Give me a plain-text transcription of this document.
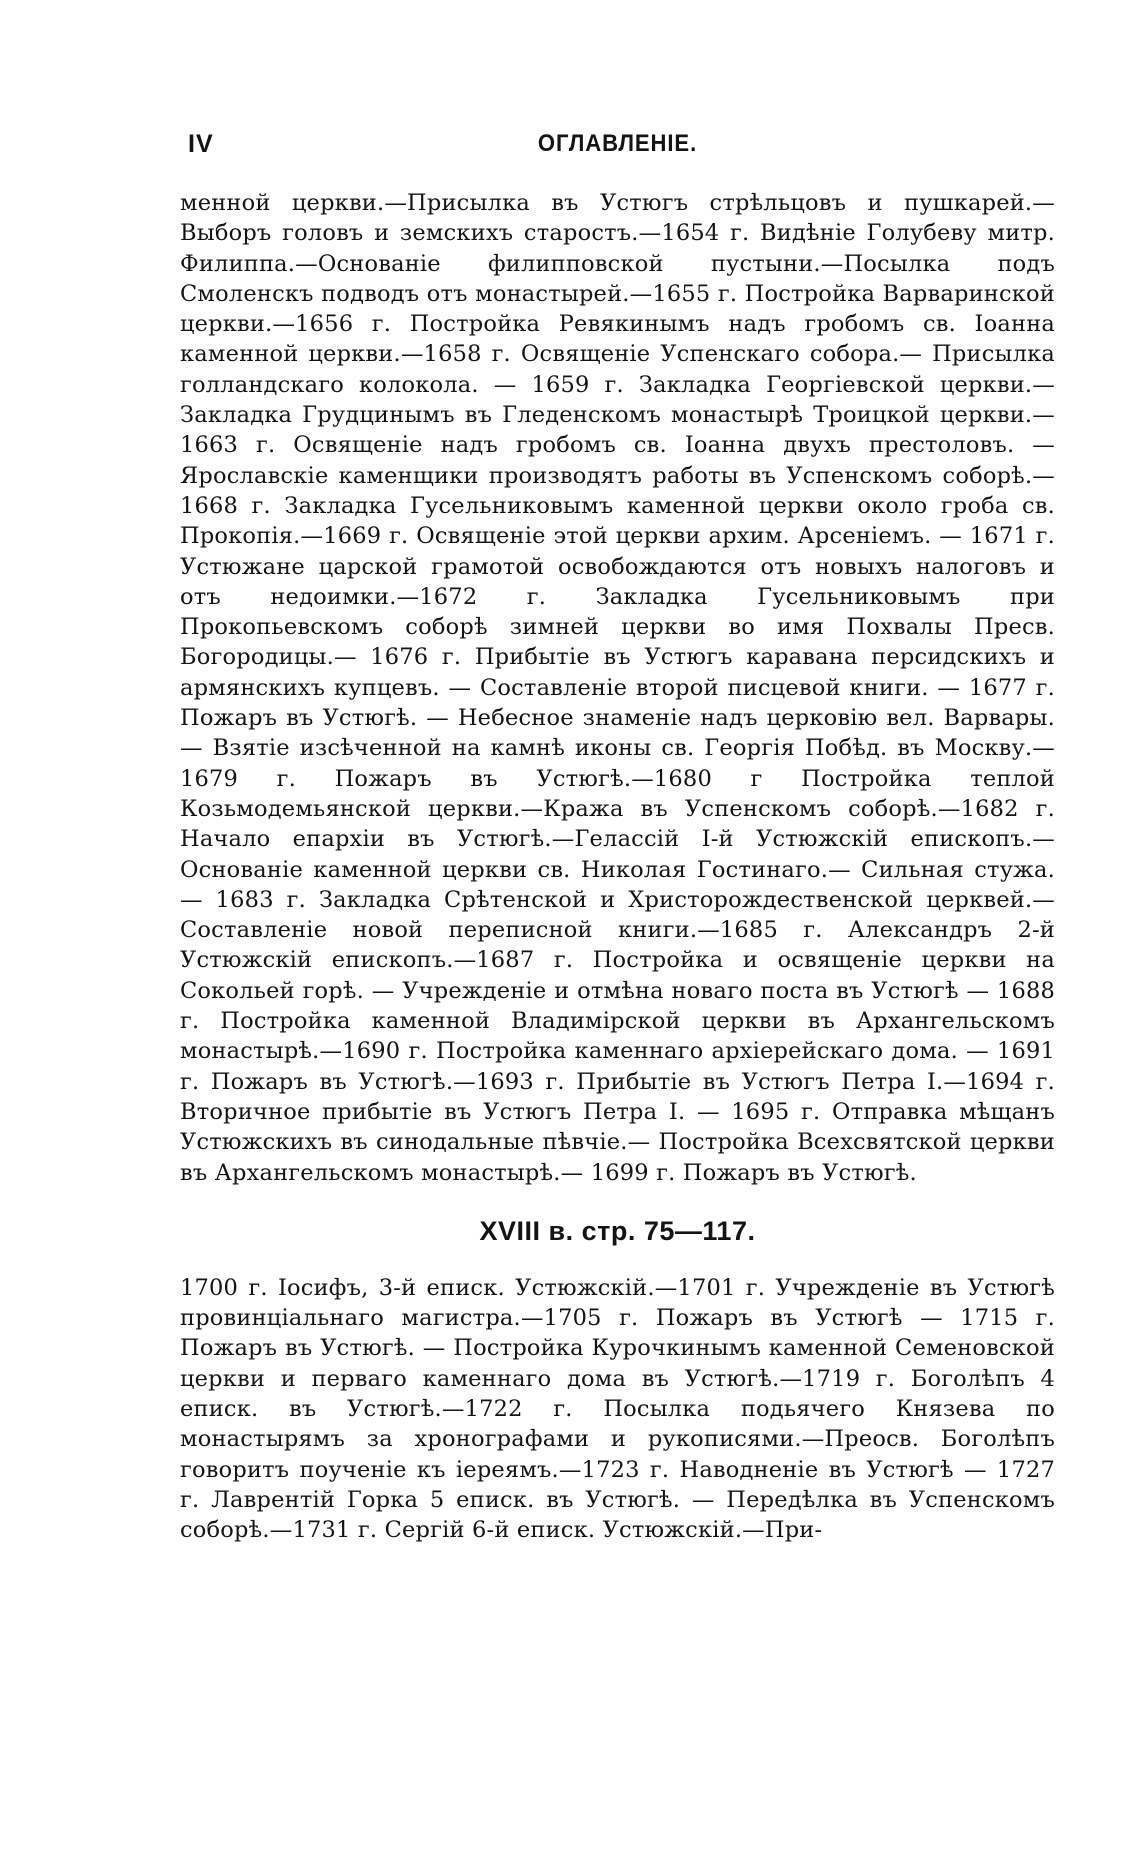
IV	ОГЛАВЛЕНІЕ.

менной церкви.—Присылка въ Устюгъ стрѣльцовъ и пушкарей.— Выборъ головъ и земскихъ старостъ.—1654 г. Видѣніе Голубеву митр. Филиппа.—Основаніе филипповской пустыни.—Посылка подъ Смоленскъ подводъ отъ монастырей.—1655 г. Постройка Варваринской церкви.—1656 г. Постройка Ревякинымъ надъ гробомъ св. Іоанна каменной церкви.—1658 г. Освященіе Успенскаго собора.— Присылка голландскаго колокола. — 1659 г. Закладка Георгіевской церкви.—Закладка Грудцинымъ въ Гледенскомъ монастырѣ Троицкой церкви.—1663 г. Освященіе надъ гробомъ св. Іоанна двухъ престоловъ. — Ярославскіе каменщики производятъ работы въ Успенскомъ соборѣ.—1668 г. Закладка Гусельниковымъ каменной церкви около гроба св. Прокопія.—1669 г. Освященіе этой церкви архим. Арсеніемъ. — 1671 г. Устюжане царской грамотой освобождаются отъ новыхъ налоговъ и отъ недоимки.—1672 г. Закладка Гусельниковымъ при Прокопьевскомъ соборѣ зимней церкви во имя Похвалы Пресв. Богородицы.— 1676 г. Прибытіе въ Устюгъ каравана персидскихъ и армянскихъ купцевъ. — Составленіе второй писцевой книги. — 1677 г. Пожаръ въ Устюгѣ. — Небесное знаменіе надъ церковію вел. Варвары. — Взятіе изсѣченной на камнѣ иконы св. Георгія Побѣд. въ Москву.—1679 г. Пожаръ въ Устюгѣ.—1680 г Постройка теплой Козьмодемьянской церкви.—Кража въ Успенскомъ соборѣ.—1682 г. Начало епархіи въ Устюгѣ.—Гелассій I-й Устюжскій епископъ.—Основаніе каменной церкви св. Николая Гостинаго.— Сильная стужа. — 1683 г. Закладка Срѣтенской и Христорождественской церквей.—Составленіе новой переписной книги.—1685 г. Александръ 2-й Устюжскій епископъ.—1687 г. Постройка и освященіе церкви на Сокольей горѣ. — Учрежденіе и отмѣна новаго поста въ Устюгѣ — 1688 г. Постройка каменной Владимірской церкви въ Архангельскомъ монастырѣ.—1690 г. Постройка каменнаго архіерейскаго дома. — 1691 г. Пожаръ въ Устюгѣ.—1693 г. Прибытіе въ Устюгъ Петра I.—1694 г. Вторичное прибытіе въ Устюгъ Петра I. — 1695 г. Отправка мѣщанъ Устюжскихъ въ синодальные пѣвчіе.— Постройка Всехсвятской церкви въ Архангельскомъ монастырѣ.— 1699 г. Пожаръ въ Устюгѣ.

XVIII в. стр. 75—117.

1700 г. Іосифъ, 3-й еписк. Устюжскій.—1701 г. Учрежденіе въ Устюгѣ провинціальнаго магистра.—1705 г. Пожаръ въ Устюгѣ — 1715 г. Пожаръ въ Устюгѣ. — Постройка Курочкинымъ каменной Семеновской церкви и перваго каменнаго дома въ Устюгѣ.—1719 г. Боголѣпъ 4 еписк. въ Устюгѣ.—1722 г. Посылка подьячего Князева по монастырямъ за хронографами и рукописями.—Преосв. Боголѣпъ говоритъ поученіе къ іереямъ.—1723 г. Наводненіе въ Устюгѣ — 1727 г. Лаврентій Горка 5 еписк. въ Устюгѣ. — Передѣлка въ Успенскомъ соборѣ.—1731 г. Сергій 6-й еписк. Устюжскій.—При-
